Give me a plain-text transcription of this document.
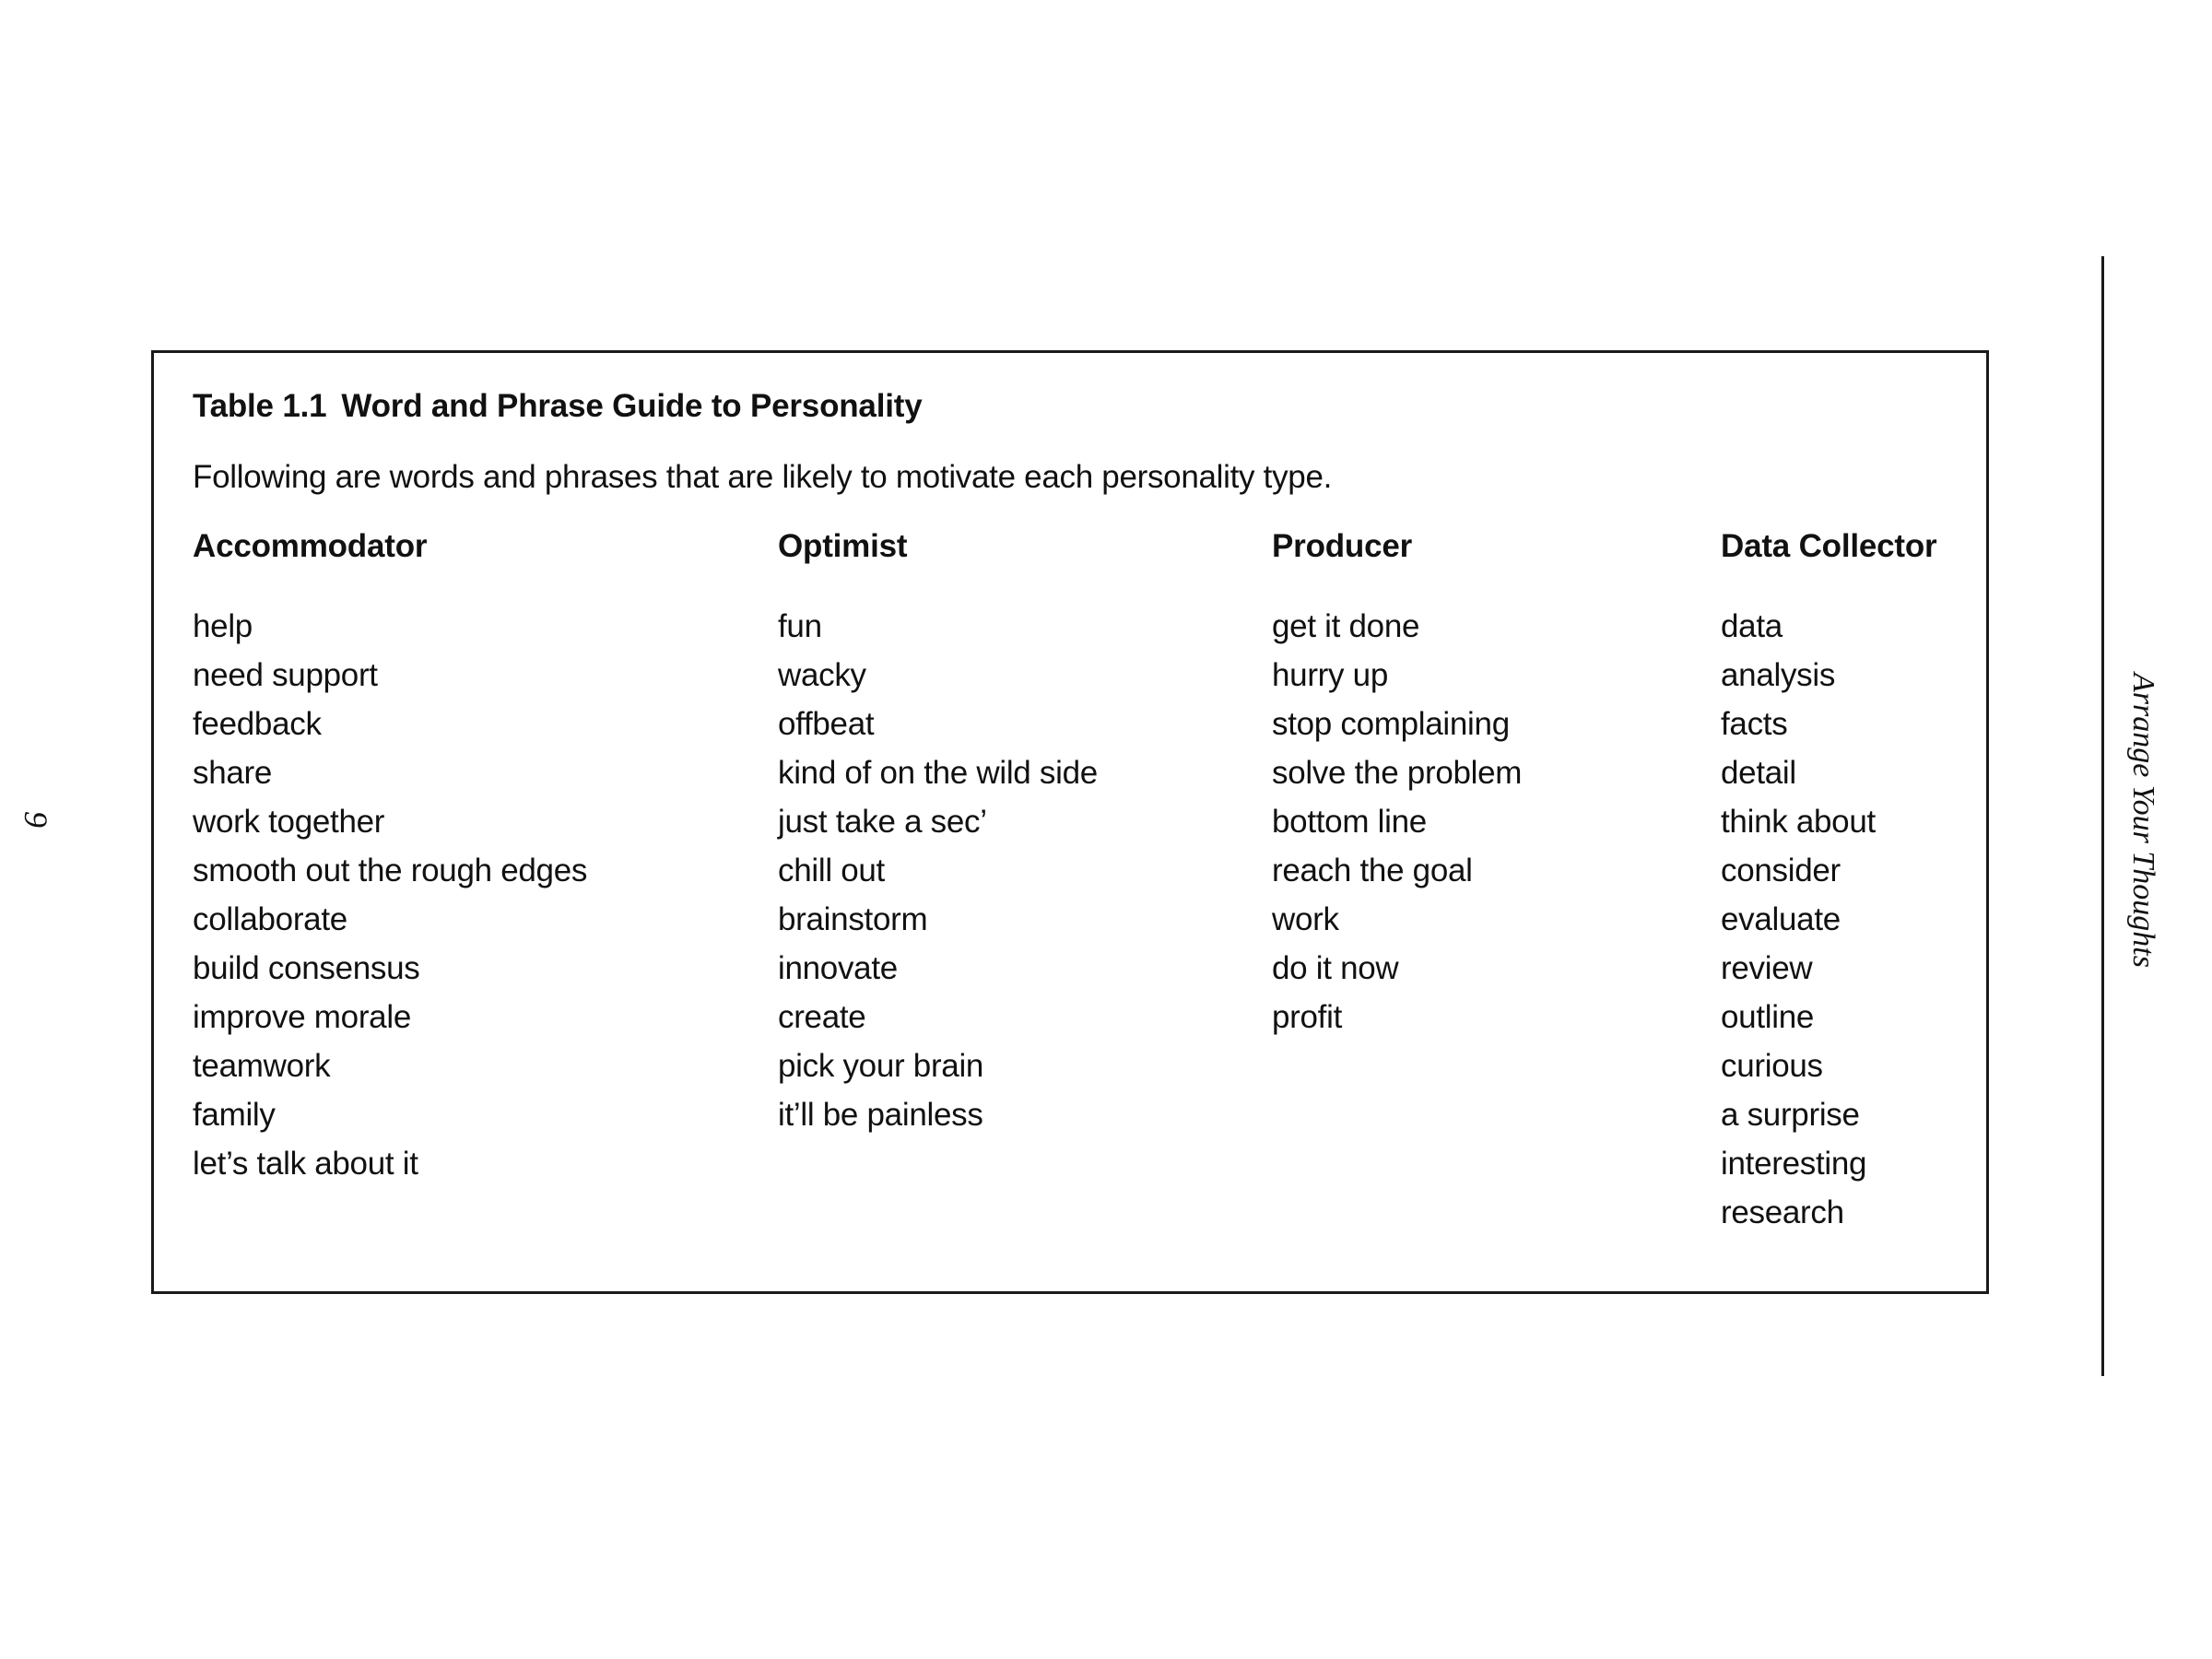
9
Table 1.1 Word and Phrase Guide to Personality
Following are words and phrases that are likely to motivate each personality type.
Accommodator
help
need support
feedback
share
work together
smooth out the rough edges
collaborate
build consensus
improve morale
teamwork
family
let’s talk about it
Optimist
fun
wacky
offbeat
kind of on the wild side
just take a sec’
chill out
brainstorm
innovate
create
pick your brain
it’ll be painless
Producer
get it done
hurry up
stop complaining
solve the problem
bottom line
reach the goal
work
do it now
profit
Data Collector
data
analysis
facts
detail
think about
consider
evaluate
review
outline
curious
a surprise
interesting
research
Arrange Your Thoughts
